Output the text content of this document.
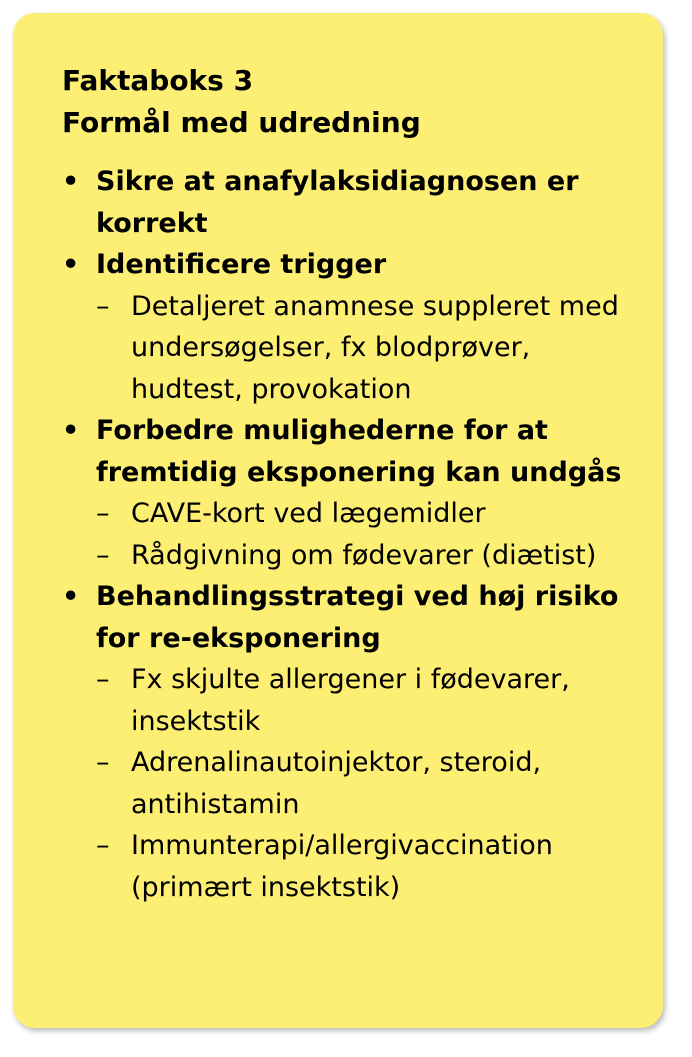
Faktaboks 3
Formål med udredning
• Sikre at anafylaksidiagnosen er korrekt
• Identificere trigger
– Detaljeret anamnese suppleret med undersøgelser, fx blodprøver, hudtest, provokation
• Forbedre mulighederne for at fremtidig eksponering kan undgås
– CAVE-kort ved lægemidler
– Rådgivning om fødevarer (diætist)
• Behandlingsstrategi ved høj risiko for re-eksponering
– Fx skjulte allergener i fødevarer, insektstik
– Adrenalinautoinjektor, steroid, antihistamin
– Immunterapi/allergivaccination (primært insektstik)
